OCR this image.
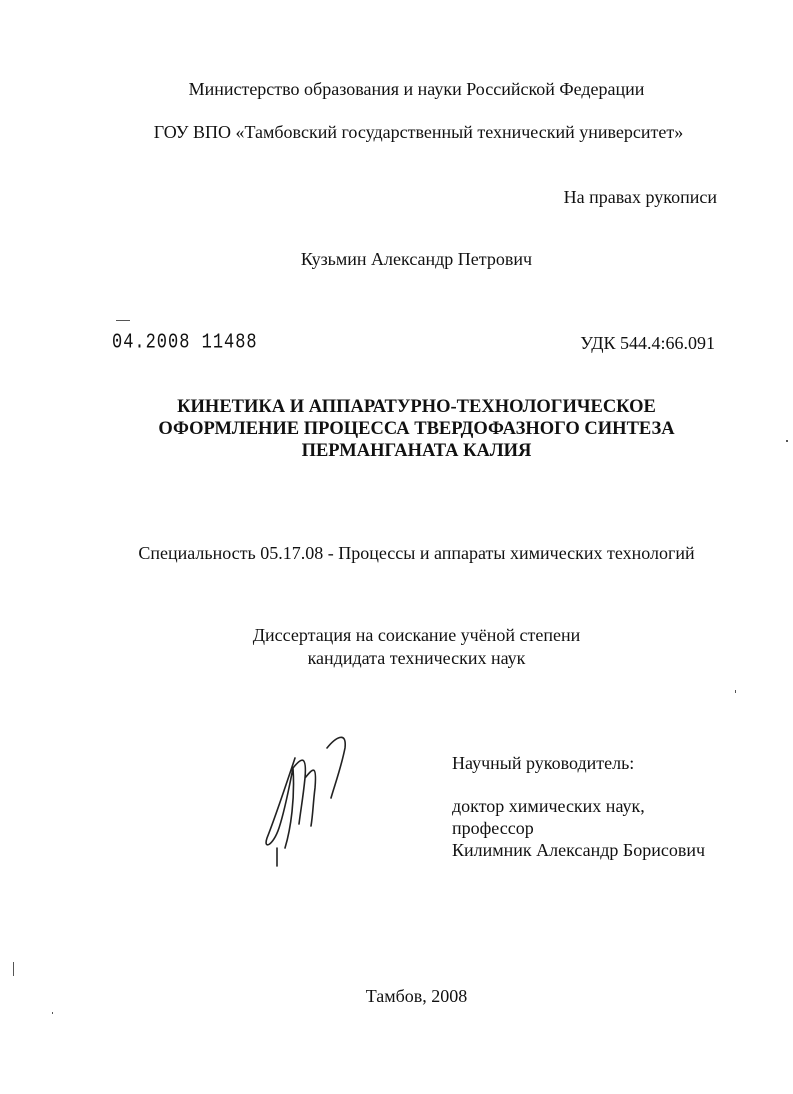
Министерство образования и науки Российской Федерации
ГОУ ВПО «Тамбовский государственный технический университет»
На правах рукописи
Кузьмин Александр Петрович
04.2008 11488	УДК 544.4:66.091
КИНЕТИКА И АППАРАТУРНО-ТЕХНОЛОГИЧЕСКОЕ
ОФОРМЛЕНИЕ ПРОЦЕССА ТВЕРДОФАЗНОГО СИНТЕЗА
ПЕРМАНГАНАТА КАЛИЯ
Специальность 05.17.08 - Процессы и аппараты химических технологий
Диссертация на соискание учёной степени
кандидата технических наук
Научный руководитель:
доктор химических наук,
профессор
Килимник Александр Борисович
Тамбов, 2008
